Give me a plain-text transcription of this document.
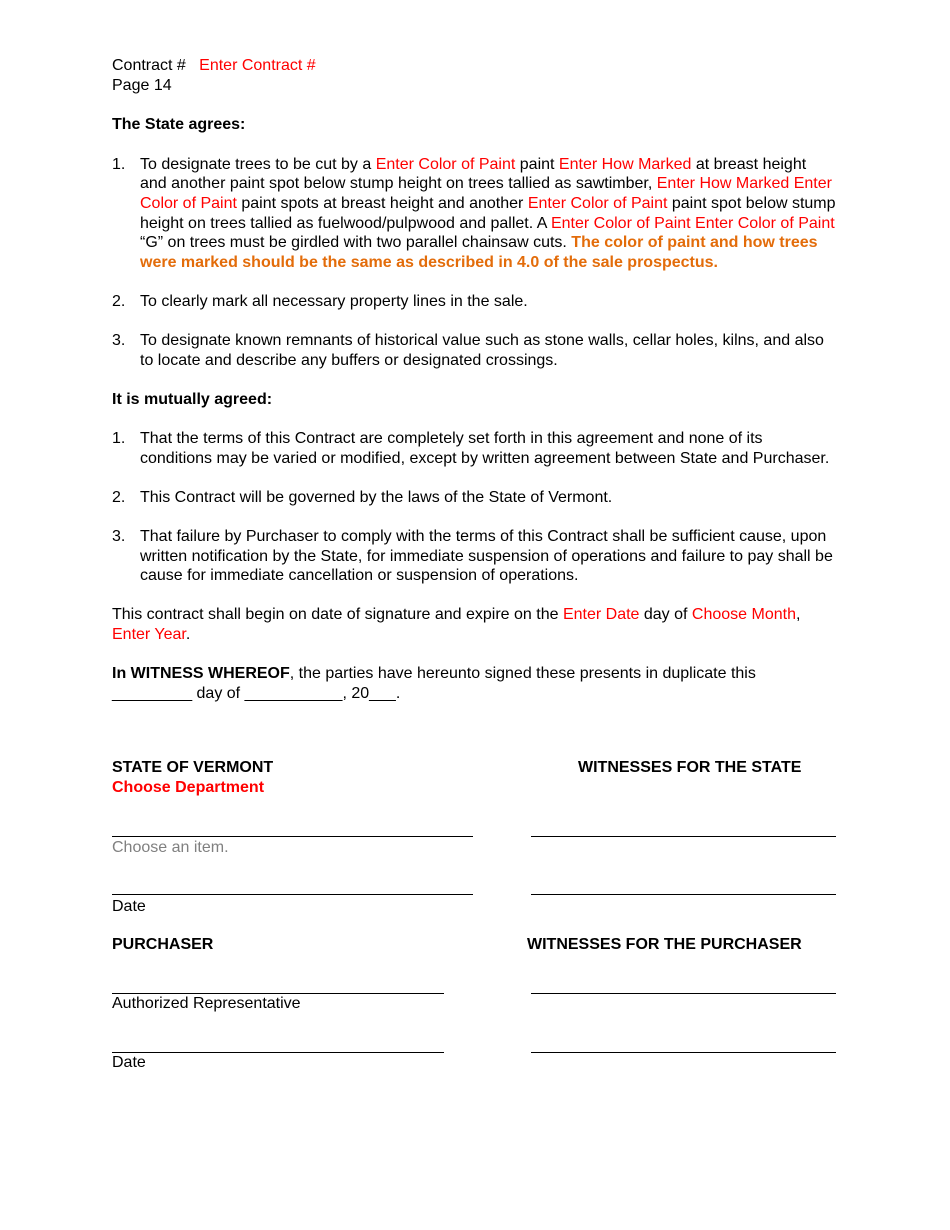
Contract # Enter Contract #
Page 14
The State agrees:
1. To designate trees to be cut by a Enter Color of Paint paint Enter How Marked at breast height and another paint spot below stump height on trees tallied as sawtimber, Enter How Marked Enter Color of Paint paint spots at breast height and another Enter Color of Paint paint spot below stump height on trees tallied as fuelwood/pulpwood and pallet. A Enter Color of Paint Enter Color of Paint “G” on trees must be girdled with two parallel chainsaw cuts. The color of paint and how trees were marked should be the same as described in 4.0 of the sale prospectus.
2. To clearly mark all necessary property lines in the sale.
3. To designate known remnants of historical value such as stone walls, cellar holes, kilns, and also to locate and describe any buffers or designated crossings.
It is mutually agreed:
1. That the terms of this Contract are completely set forth in this agreement and none of its conditions may be varied or modified, except by written agreement between State and Purchaser.
2. This Contract will be governed by the laws of the State of Vermont.
3. That failure by Purchaser to comply with the terms of this Contract shall be sufficient cause, upon written notification by the State, for immediate suspension of operations and failure to pay shall be cause for immediate cancellation or suspension of operations.
This contract shall begin on date of signature and expire on the Enter Date day of Choose Month, Enter Year.
In WITNESS WHEREOF, the parties have hereunto signed these presents in duplicate this
_________ day of ___________, 20___.
STATE OF VERMONT
Choose Department
WITNESSES FOR THE STATE
Choose an item.
Date
PURCHASER	WITNESSES FOR THE PURCHASER
Authorized Representative
Date
